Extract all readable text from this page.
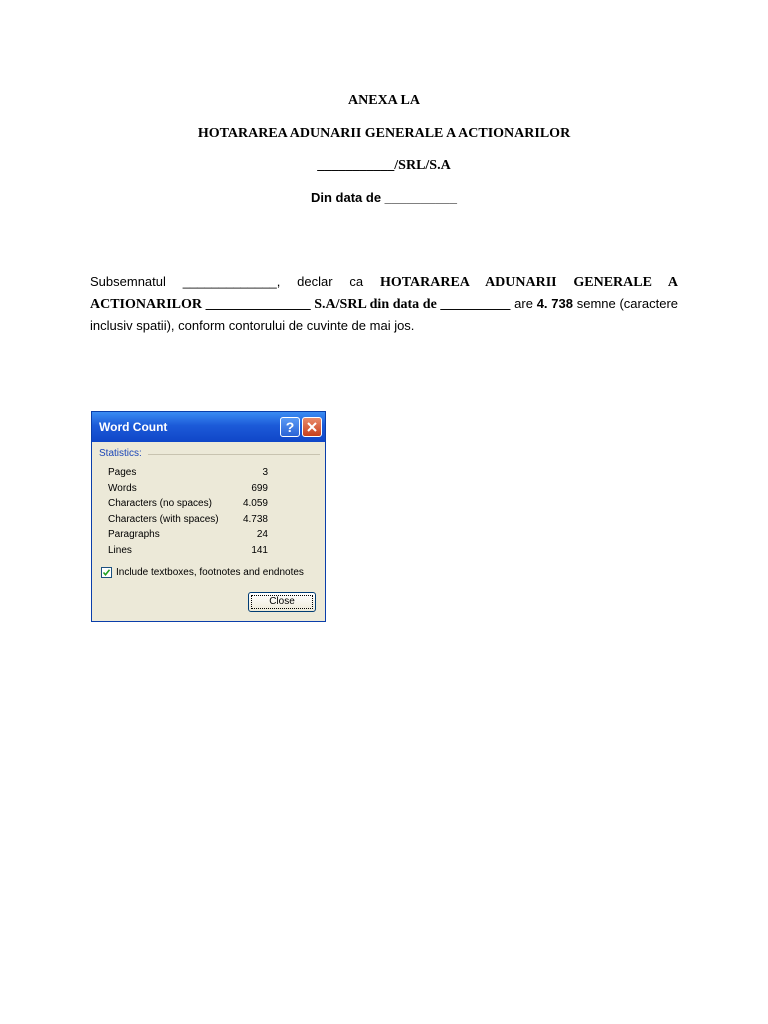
ANEXA LA
HOTARAREA ADUNARII GENERALE A ACTIONARILOR
___________/SRL/S.A
Din data de __________
Subsemnatul _____________, declar ca HOTARAREA ADUNARII GENERALE A ACTIONARILOR _______________ S.A/SRL din data de __________ are 4. 738 semne (caractere inclusiv spatii), conform contorului de cuvinte de mai jos.
Word Count	?
Statistics:
Pages	3
Words	699
Characters (no spaces)	4.059
Characters (with spaces) 4.738
Paragraphs	24
Lines	141
Include textboxes, footnotes and endnotes
Close
